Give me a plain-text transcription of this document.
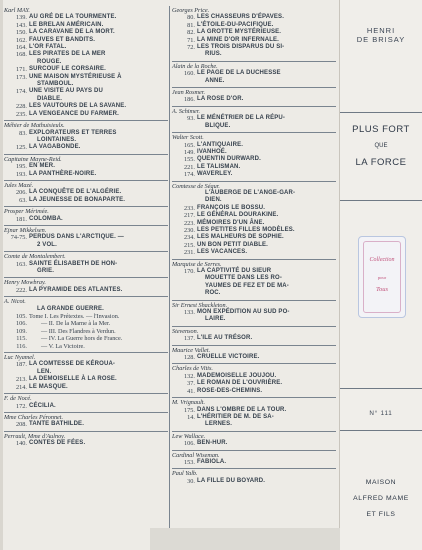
Karl MAY.
139. AU GRÉ DE LA TOURMENTE.
143. LE BRELAN AMÉRICAIN.
150. LA CARAVANE DE LA MORT.
162. FAUVES ET BANDITS.
164. L'OR FATAL.
168. LES PIRATES DE LA MER
ROUGE.
171. SURCOUF LE CORSAIRE.
173. UNE MAISON MYSTÉRIEUSE À
STAMBOUL.
174. UNE VISITE AU PAYS DU
DIABLE.
228. LES VAUTOURS DE LA SAVANE.
235. LA VENGEANCE DU FARMER.
Méhier de Mathuisieulx.
83. EXPLORATEURS ET TERRES
LOINTAINES.
125. LA VAGABONDE.
Capitaine Mayne-Reid.
195. EN MER.
193. LA PANTHÈRE-NOIRE.
Jules Mazé.
206. LA CONQUÊTE DE L'ALGÉRIE.
63. LA JEUNESSE DE BONAPARTE.
Prosper Mérimée.
181. COLOMBA.
Ejnar Mikkelsen.
74-75. PERDUS DANS L'ARCTIQUE. —
2 VOL.
Comte de Montalembert.
163. SAINTE ÉLISABETH DE HON-
GRIE.
Henry Mowbray.
222. LA PYRAMIDE DES ATLANTES.
A. Nicot.
LA GRANDE GUERRE.
105. Tome I. Les Prétextes. — l'Invasion.
106.	— II. De la Marne à la Mer.
109.	— III. Des Flandres à Verdun.
115.	— IV. La Guerre hors de France.
116.	— V. La Victoire.
Luc Nyamel.
187. LA COMTESSE DE KÉROUA-
LEN.
213. LA DEMOISELLE À LA ROSE.
214. LE MASQUE.
F. de Nocé.
172. CÉCILIA.
Mme Charles Péronnet.
208. TANTE BATHILDE.
Perrault, Mme d'Aulnoy.
140. CONTES DE FÉES.
Georges Price.
80. LES CHASSEURS D'ÉPAVES.
81. L'ÉTOILE-DU-PACIFIQUE.
82. LA GROTTE MYSTÉRIEUSE.
71. LA MINE D'OR INFERNALE.
72. LES TROIS DISPARUS DU SI-
RIUS.
Alain de la Roche.
160. LE PAGE DE LA DUCHESSE
ANNE.
Jean Rosmer.
186. LA ROSE D'OR.
A. Schimer.
93. LE MÉNÉTRIER DE LA RÉPU-
BLIQUE.
Walter Scott.
165. L'ANTIQUAIRE.
149. IVANHOÉ.
155. QUENTIN DURWARD.
221. LE TALISMAN.
174. WAVERLEY.
Comtesse de Ségur.
L'AUBERGE DE L'ANGE-GAR-
DIEN.
233. FRANÇOIS LE BOSSU.
217. LE GÉNÉRAL DOURAKINE.
223. MÉMOIRES D'UN ÂNE.
230. LES PETITES FILLES MODÈLES.
234. LES MALHEURS DE SOPHIE.
215. UN BON PETIT DIABLE.
231. LES VACANCES.
Marquise de Serres.
170. LA CAPTIVITÉ DU SIEUR
MOUETTE DANS LES RO-
YAUMES DE FEZ ET DE MA-
ROC.
Sir Ernest Shackleton.
133. MON EXPÉDITION AU SUD PO-
LAIRE.
Stevenson.
137. L'ILE AU TRÉSOR.
Maurice Vallet.
128. CRUELLE VICTOIRE.
Charles de Vitis.
132. MADEMOISELLE JOUJOU.
37. LE ROMAN DE L'OUVRIÈRE.
41. ROSE-DES-CHEMINS.
M. Vrignault.
175. DANS L'OMBRE DE LA TOUR.
14. L'HÉRITIER DE M. DE SA-
LERNES.
Lew Wallace.
106. BEN-HUR.
Cardinal Wiseman.
153. FABIOLA.
Paul Yalb.
30. LA FILLE DU BOYARD.
HENRI
DE BRISAY
PLUS FORT
QUE
LA FORCE
Collection
pour
Tous
N° 111
MAISON
ALFRED MAME
ET FILS
